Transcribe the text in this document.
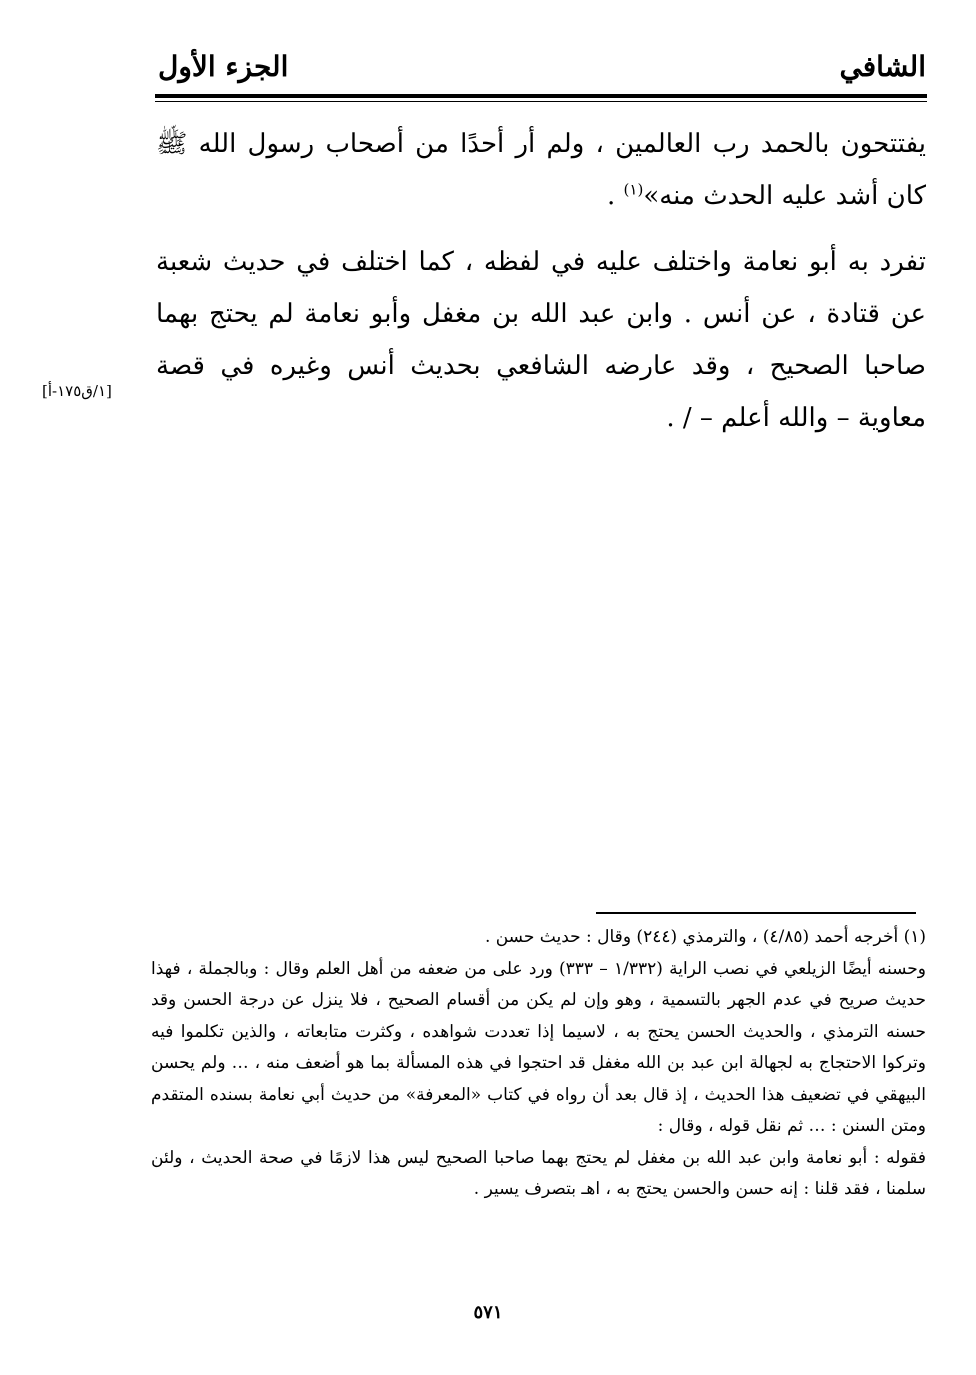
الشافي
الجزء الأول

يفتتحون بالحمد رب العالمين ، ولم أر أحدًا من أصحاب رسول الله ﷺ كان أشد عليه الحدث منه»$^{(١)}$ .

تفرد به أبو نعامة واختلف عليه في لفظه ، كما اختلف في حديث شعبة عن قتادة ، عن أنس . وابن عبد الله بن مغفل وأبو نعامة لم يحتج بهما صاحبا الصحيح ، وقد عارضه الشافعي بحديث أنس وغيره في قصة معاوية – والله أعلم – / .

[١/ق١٧٥-أ]

(١) أخرجه أحمد (٤/٨٥) ، والترمذي (٢٤٤) وقال : حديث حسن .

وحسنه أيضًا الزيلعي في نصب الراية (١/٣٣٢ – ٣٣٣) ورد على من ضعفه من أهل العلم وقال : وبالجملة ، فهذا حديث صريح في عدم الجهر بالتسمية ، وهو وإن لم يكن من أقسام الصحيح ، فلا ينزل عن درجة الحسن وقد حسنه الترمذي ، والحديث الحسن يحتج به ، لاسيما إذا تعددت شواهده ، وكثرت متابعاته ، والذين تكلموا فيه وتركوا الاحتجاج به لجهالة ابن عبد بن الله مغفل قد احتجوا في هذه المسألة بما هو أضعف منه ، … ولم يحسن البيهقي في تضعيف هذا الحديث ، إذ قال بعد أن رواه في كتاب «المعرفة» من حديث أبي نعامة بسنده المتقدم ومتن السنن : … ثم نقل قوله ، وقال :

فقوله : أبو نعامة وابن عبد الله بن مغفل لم يحتج بهما صاحبا الصحيح ليس هذا لازمًا في صحة الحديث ، ولئن سلمنا ، فقد قلنا : إنه حسن والحسن يحتج به ، اهـ بتصرف يسير .

٥٧١
